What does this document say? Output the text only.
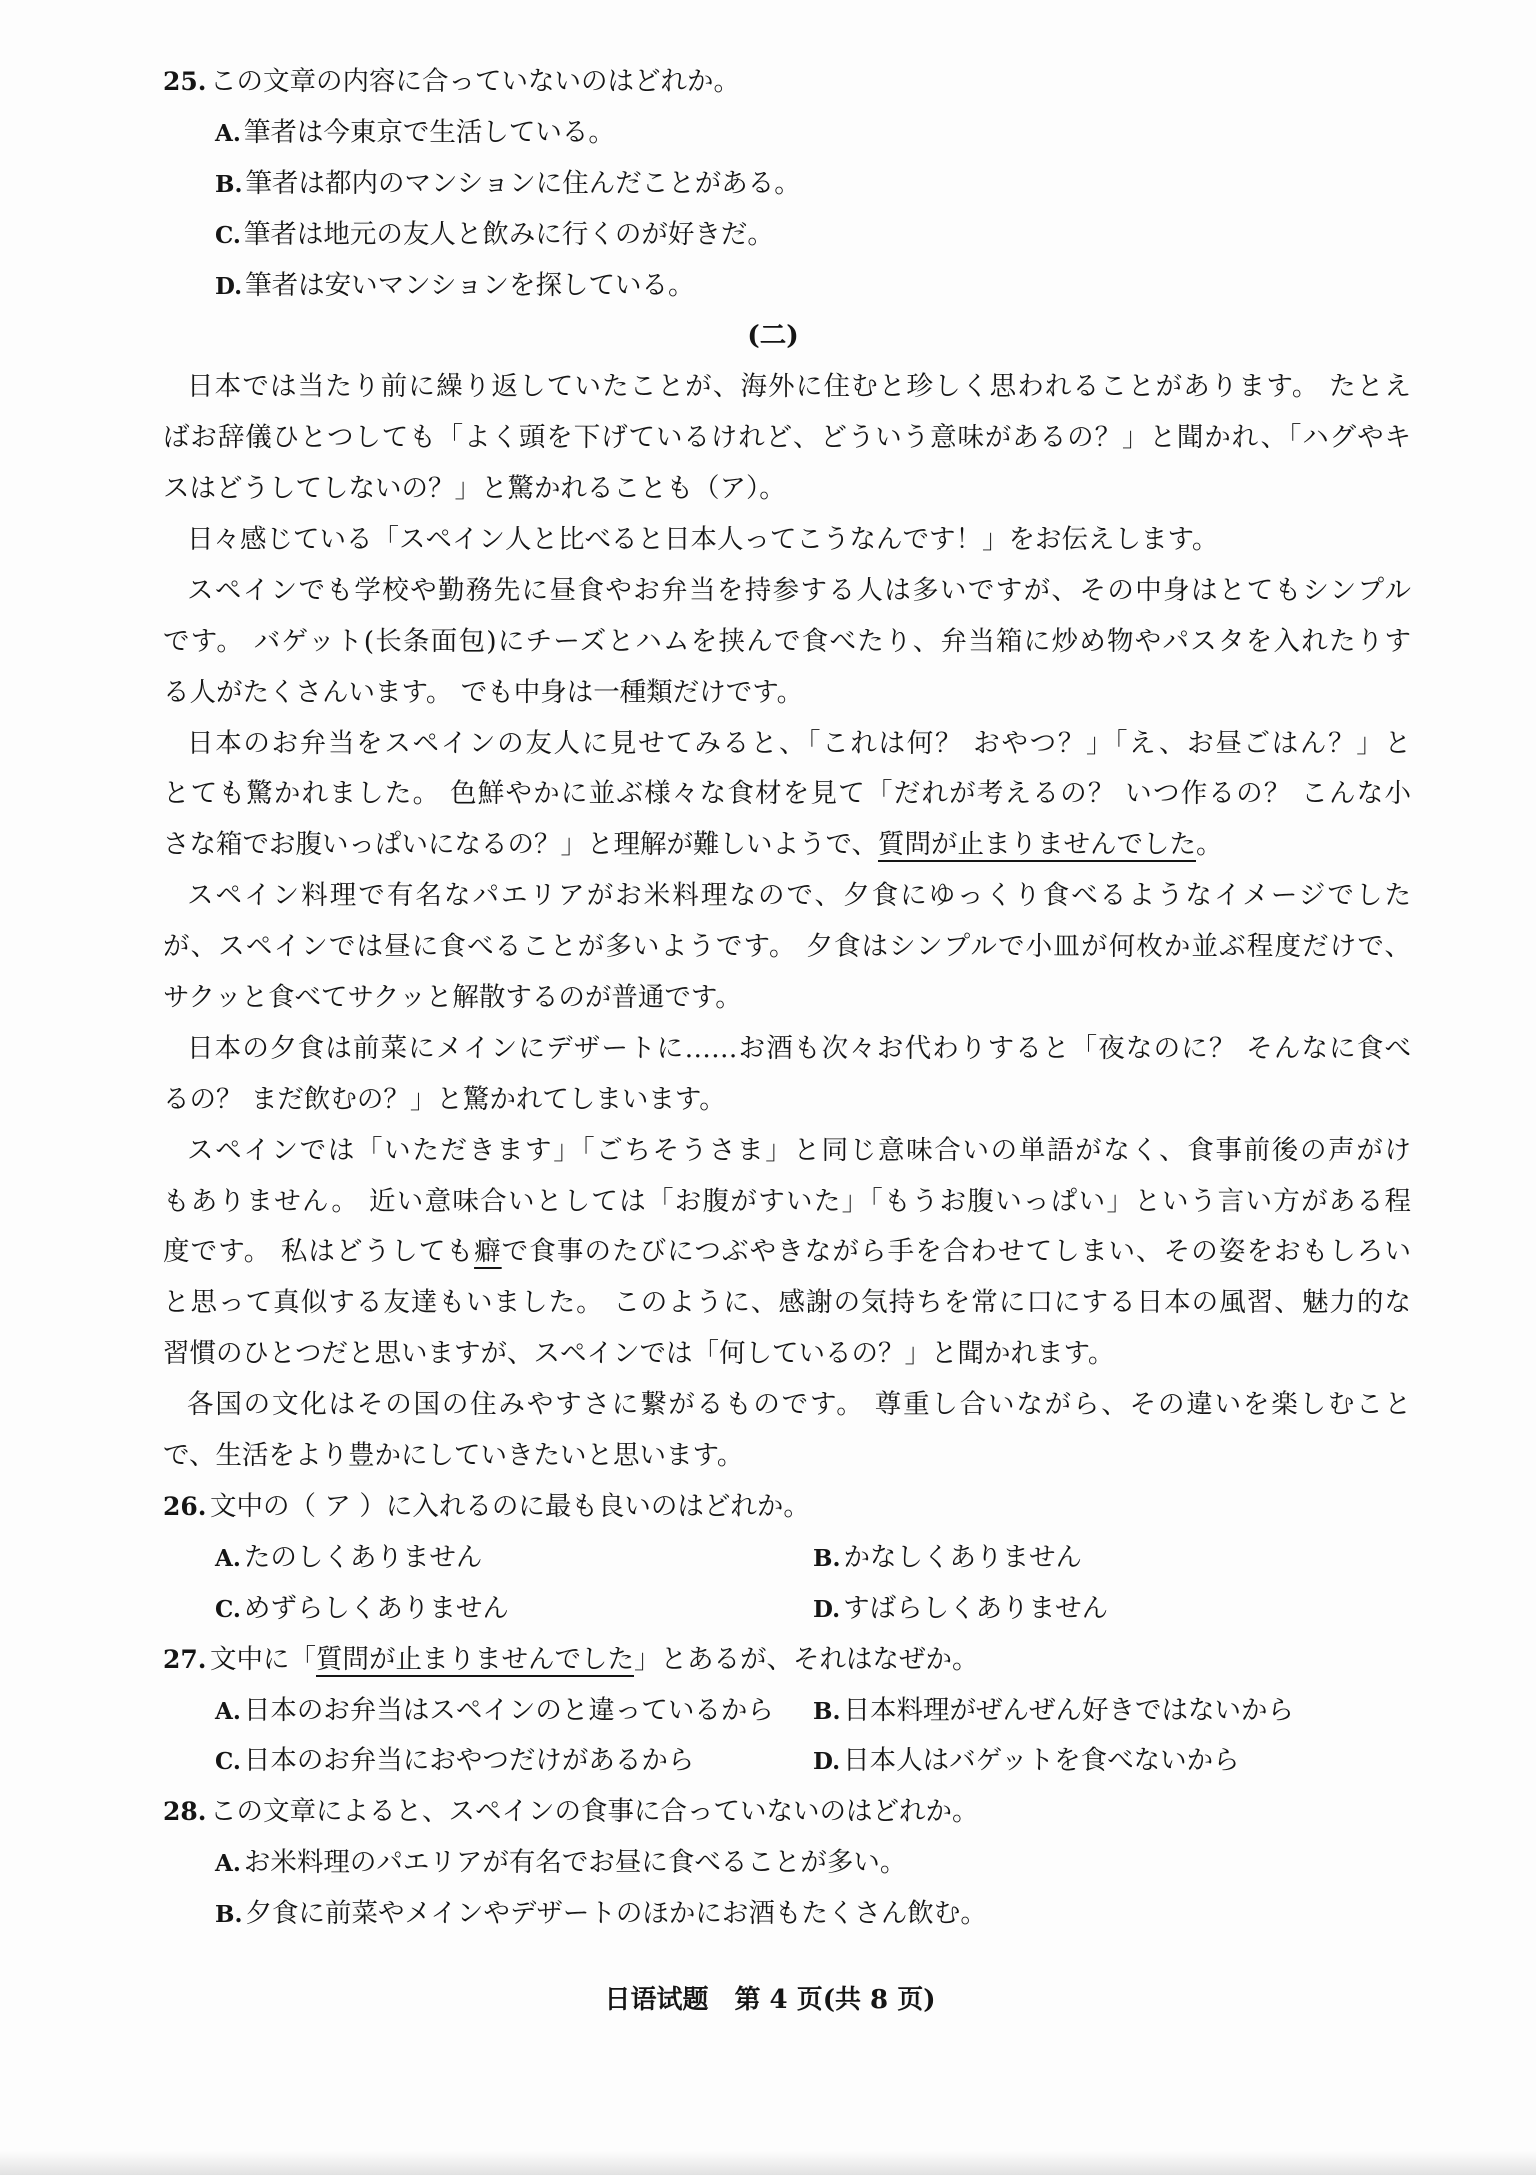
25. この文章の内容に合っていないのはどれか。
A. 筆者は今東京で生活している。
B. 筆者は都内のマンションに住んだことがある。
C. 筆者は地元の友人と飲みに行くのが好きだ。
D. 筆者は安いマンションを探している。
(二)
日本では当たり前に繰り返していたことが、海外に住むと珍しく思われることがあります。 たとえ
ばお辞儀ひとつしても「よく頭を下げているけれど、どういう意味があるの？」と聞かれ、「ハグやキ
スはどうしてしないの？」と驚かれることも（ア）。
日々感じている「スペイン人と比べると日本人ってこうなんです！」をお伝えします。
スペインでも学校や勤務先に昼食やお弁当を持参する人は多いですが、その中身はとてもシンプル
です。 バゲット(长条面包)にチーズとハムを挟んで食べたり、弁当箱に炒め物やパスタを入れたりす
る人がたくさんいます。 でも中身は一種類だけです。
日本のお弁当をスペインの友人に見せてみると、「これは何？ おやつ？」「え、お昼ごはん？」と
とても驚かれました。 色鮮やかに並ぶ様々な食材を見て「だれが考えるの？ いつ作るの？ こんな小
さな箱でお腹いっぱいになるの？」と理解が難しいようで、質問が止まりませんでした。
スペイン料理で有名なパエリアがお米料理なので、夕食にゆっくり食べるようなイメージでした
が、スペインでは昼に食べることが多いようです。 夕食はシンプルで小皿が何枚か並ぶ程度だけで、
サクッと食べてサクッと解散するのが普通です。
日本の夕食は前菜にメインにデザートに……お酒も次々お代わりすると「夜なのに？ そんなに食べ
るの？ まだ飲むの？」と驚かれてしまいます。
スペインでは「いただきます」「ごちそうさま」と同じ意味合いの単語がなく、食事前後の声がけ
もありません。 近い意味合いとしては「お腹がすいた」「もうお腹いっぱい」という言い方がある程
度です。 私はどうしても癖で食事のたびにつぶやきながら手を合わせてしまい、その姿をおもしろい
と思って真似する友達もいました。 このように、感謝の気持ちを常に口にする日本の風習、魅力的な
習慣のひとつだと思いますが、スペインでは「何しているの？」と聞かれます。
各国の文化はその国の住みやすさに繋がるものです。 尊重し合いながら、その違いを楽しむこと
で、生活をより豊かにしていきたいと思います。
26. 文中の（ ア ）に入れるのに最も良いのはどれか。
A. たのしくありません	B. かなしくありません
C. めずらしくありません	D. すばらしくありません
27. 文中に「質問が止まりませんでした」とあるが、それはなぜか。
A. 日本のお弁当はスペインのと違っているから	B. 日本料理がぜんぜん好きではないから
C. 日本のお弁当におやつだけがあるから	D. 日本人はバゲットを食べないから
28. この文章によると、スペインの食事に合っていないのはどれか。
A. お米料理のパエリアが有名でお昼に食べることが多い。
B. 夕食に前菜やメインやデザートのほかにお酒もたくさん飲む。
日语试题　第 4 页(共 8 页)
